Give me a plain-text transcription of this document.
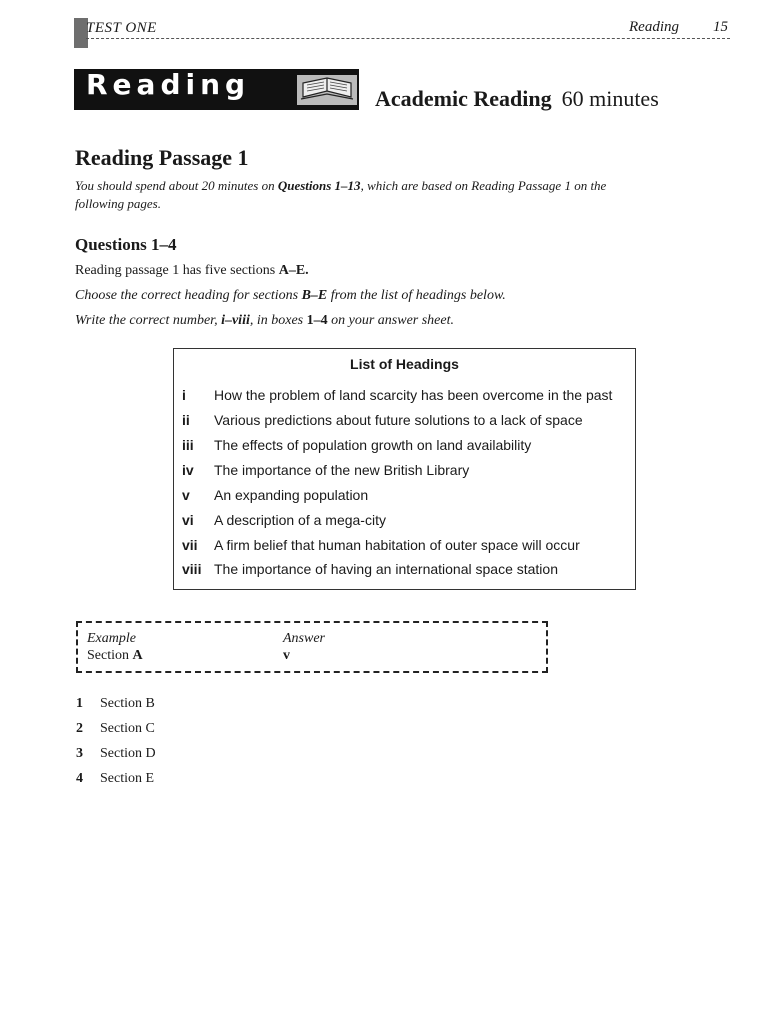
TEST ONE	Reading 15
Reading	Academic Reading 60 minutes
Reading Passage 1
You should spend about 20 minutes on Questions 1–13, which are based on Reading Passage 1 on the following pages.
Questions 1–4
Reading passage 1 has five sections A–E.
Choose the correct heading for sections B–E from the list of headings below.
Write the correct number, i–viii, in boxes 1–4 on your answer sheet.
List of Headings
i How the problem of land scarcity has been overcome in the past
ii Various predictions about future solutions to a lack of space
iii The effects of population growth on land availability
iv The importance of the new British Library
v An expanding population
vi A description of a mega-city
vii A firm belief that human habitation of outer space will occur
viii The importance of having an international space station
Example
Section A
Answer
v
1 Section B
2 Section C
3 Section D
4 Section E
